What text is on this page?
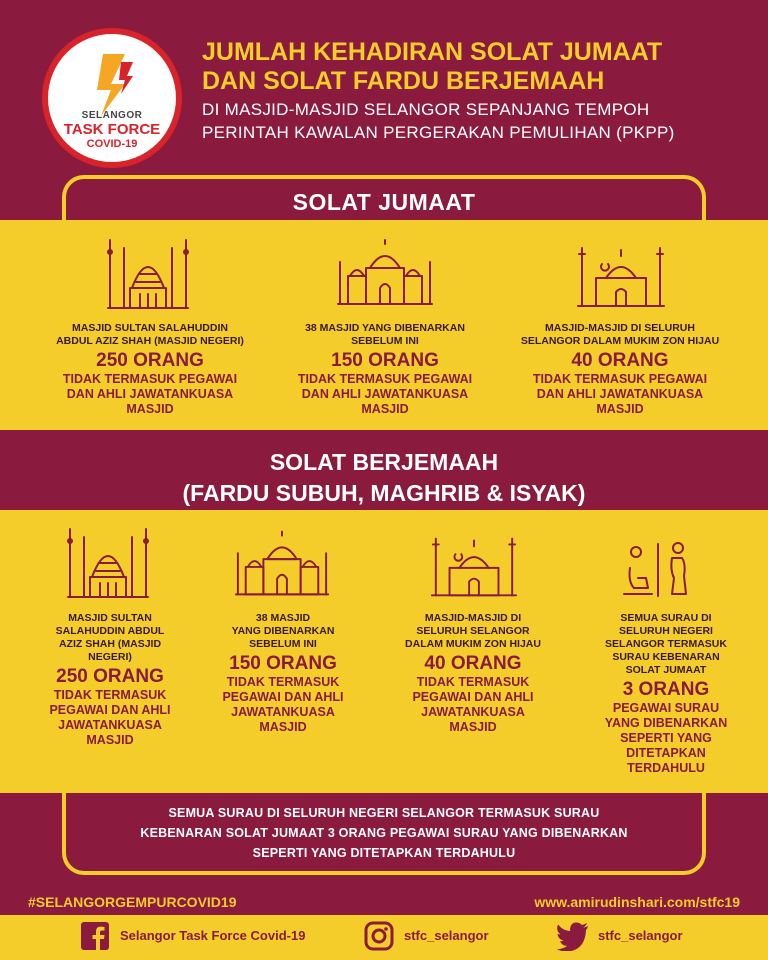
SELANGOR
TASK FORCE
COVID-19
JUMLAH KEHADIRAN SOLAT JUMAAT
DAN SOLAT FARDU BERJEMAAH
DI MASJID-MASJID SELANGOR SEPANJANG TEMPOH
PERINTAH KAWALAN PERGERAKAN PEMULIHAN (PKPP)
SOLAT JUMAAT
MASJID SULTAN SALAHUDDIN
ABDUL AZIZ SHAH (MASJID NEGERI)
250 ORANG
TIDAK TERMASUK PEGAWAI
DAN AHLI JAWATANKUASA
MASJID
38 MASJID YANG DIBENARKAN
SEBELUM INI
150 ORANG
TIDAK TERMASUK PEGAWAI
DAN AHLI JAWATANKUASA
MASJID
MASJID-MASJID DI SELURUH
SELANGOR DALAM MUKIM ZON HIJAU
40 ORANG
TIDAK TERMASUK PEGAWAI
DAN AHLI JAWATANKUASA
MASJID
SOLAT BERJEMAAH
(FARDU SUBUH, MAGHRIB & ISYAK)
MASJID SULTAN
SALAHUDDIN ABDUL
AZIZ SHAH (MASJID
NEGERI)
250 ORANG
TIDAK TERMASUK
PEGAWAI DAN AHLI
JAWATANKUASA
MASJID
38 MASJID
YANG DIBENARKAN
SEBELUM INI
150 ORANG
TIDAK TERMASUK
PEGAWAI DAN AHLI
JAWATANKUASA
MASJID
MASJID-MASJID DI
SELURUH SELANGOR
DALAM MUKIM ZON HIJAU
40 ORANG
TIDAK TERMASUK
PEGAWAI DAN AHLI
JAWATANKUASA
MASJID
SEMUA SURAU DI
SELURUH NEGERI
SELANGOR TERMASUK
SURAU KEBENARAN
SOLAT JUMAAT
3 ORANG
PEGAWAI SURAU
YANG DIBENARKAN
SEPERTI YANG
DITETAPKAN
TERDAHULU
SEMUA SURAU DI SELURUH NEGERI SELANGOR TERMASUK SURAU
KEBENARAN SOLAT JUMAAT 3 ORANG PEGAWAI SURAU YANG DIBENARKAN
SEPERTI YANG DITETAPKAN TERDAHULU
#SELANGORGEMPURCOVID19	www.amirudinshari.com/stfc19
Selangor Task Force Covid-19	stfc_selangor	stfc_selangor
